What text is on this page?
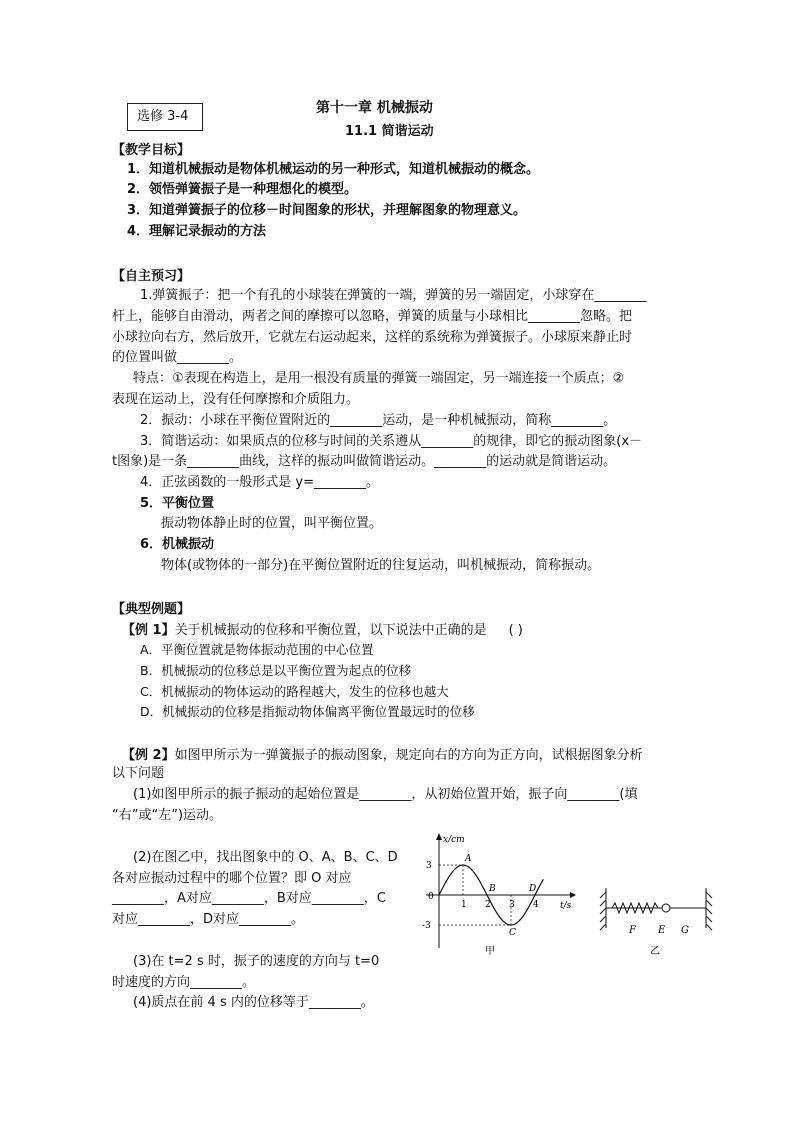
选修 3-4
第十一章 机械振动
11.1 简谐运动
【教学目标】
1．知道机械振动是物体机械运动的另一种形式，知道机械振动的概念。
2．领悟弹簧振子是一种理想化的模型。
3．知道弹簧振子的位移－时间图象的形状，并理解图象的物理意义。
4．理解记录振动的方法
【自主预习】
1.弹簧振子：把一个有孔的小球装在弹簧的一端，弹簧的另一端固定，小球穿在________
杆上，能够自由滑动，两者之间的摩擦可以忽略，弹簧的质量与小球相比________忽略。把
小球拉向右方，然后放开，它就左右运动起来，这样的系统称为弹簧振子。小球原来静止时
的位置叫做________。
特点：①表现在构造上，是用一根没有质量的弹簧一端固定，另一端连接一个质点；②
表现在运动上，没有任何摩擦和介质阻力。
2．振动：小球在平衡位置附近的________运动，是一种机械振动，简称________。
3．简谐运动：如果质点的位移与时间的关系遵从________的规律，即它的振动图象(x－
t图象)是一条________曲线，这样的振动叫做简谐运动。________的运动就是简谐运动。
4．正弦函数的一般形式是 y=________。
5．平衡位置
振动物体静止时的位置，叫平衡位置。
6．机械振动
物体(或物体的一部分)在平衡位置附近的往复运动，叫机械振动，简称振动。
【典型例题】
【例 1】关于机械振动的位移和平衡位置，以下说法中正确的是 ( )
A．平衡位置就是物体振动范围的中心位置
B．机械振动的位移总是以平衡位置为起点的位移
C．机械振动的物体运动的路程越大，发生的位移也越大
D．机械振动的位移是指振动物体偏离平衡位置最远时的位移
【例 2】如图甲所示为一弹簧振子的振动图象，规定向右的方向为正方向，试根据图象分析
以下问题
(1)如图甲所示的振子振动的起始位置是________，从初始位置开始，振子向________(填
“右”或“左”)运动。
(2)在图乙中，找出图象中的 O、A、B、C、D
各对应振动过程中的哪个位置？即 O 对应
________，A对应________，B对应________，C
对应________，D对应________。
(3)在 t=2 s 时，振子的速度的方向与 t=0
时速度的方向________。
(4)质点在前 4 s 内的位移等于________。
x/cm
t/s
0
3
-3
1 2 3 4
A
B
C
D
甲
F E G
乙
